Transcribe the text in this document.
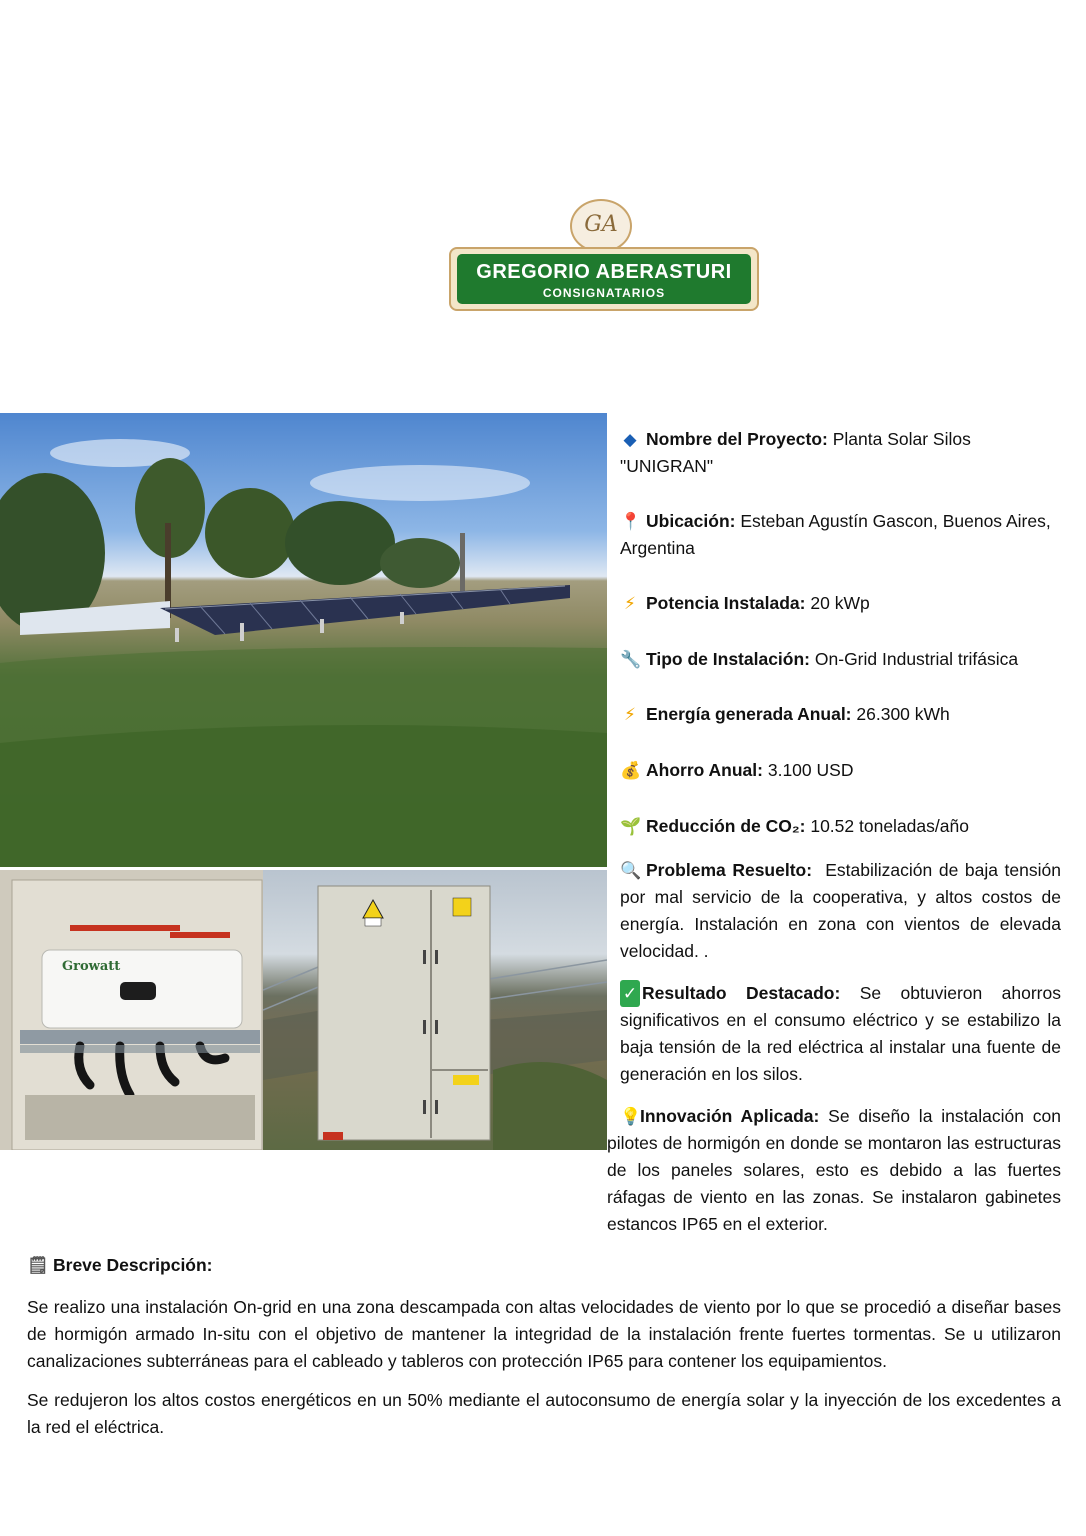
GA
GREGORIO ABERASTURI
CONSIGNATARIOS
Growatt
◆ Nombre del Proyecto: Planta Solar Silos "UNIGRAN"
📍 Ubicación: Esteban Agustín Gascon, Buenos Aires, Argentina
⚡ Potencia Instalada: 20 kWp
🔧 Tipo de Instalación: On-Grid Industrial trifásica
⚡ Energía generada Anual: 26.300 kWh
💰 Ahorro Anual: 3.100 USD
🌱 Reducción de CO₂: 10.52 toneladas/año
🔍 Problema Resuelto: Estabilización de baja tensión por mal servicio de la cooperativa, y altos costos de energía. Instalación en zona con vientos de elevada velocidad. .
✓ Resultado Destacado: Se obtuvieron ahorros significativos en el consumo eléctrico y se estabilizo la baja tensión de la red eléctrica al instalar una fuente de generación en los silos.
💡Innovación Aplicada: Se diseño la instalación con pilotes de hormigón en donde se montaron las estructuras de los paneles solares, esto es debido a las fuertes ráfagas de viento en las zonas. Se instalaron gabinetes estancos IP65 en el exterior.
🗒 Breve Descripción:
Se realizo una instalación On-grid en una zona descampada con altas velocidades de viento por lo que se procedió a diseñar bases de hormigón armado In-situ con el objetivo de mantener la integridad de la instalación frente fuertes tormentas. Se u utilizaron canalizaciones subterráneas para el cableado y tableros con protección IP65 para contener los equipamientos.
Se redujeron los altos costos energéticos en un 50% mediante el autoconsumo de energía solar y la inyección de los excedentes a la red el eléctrica.
